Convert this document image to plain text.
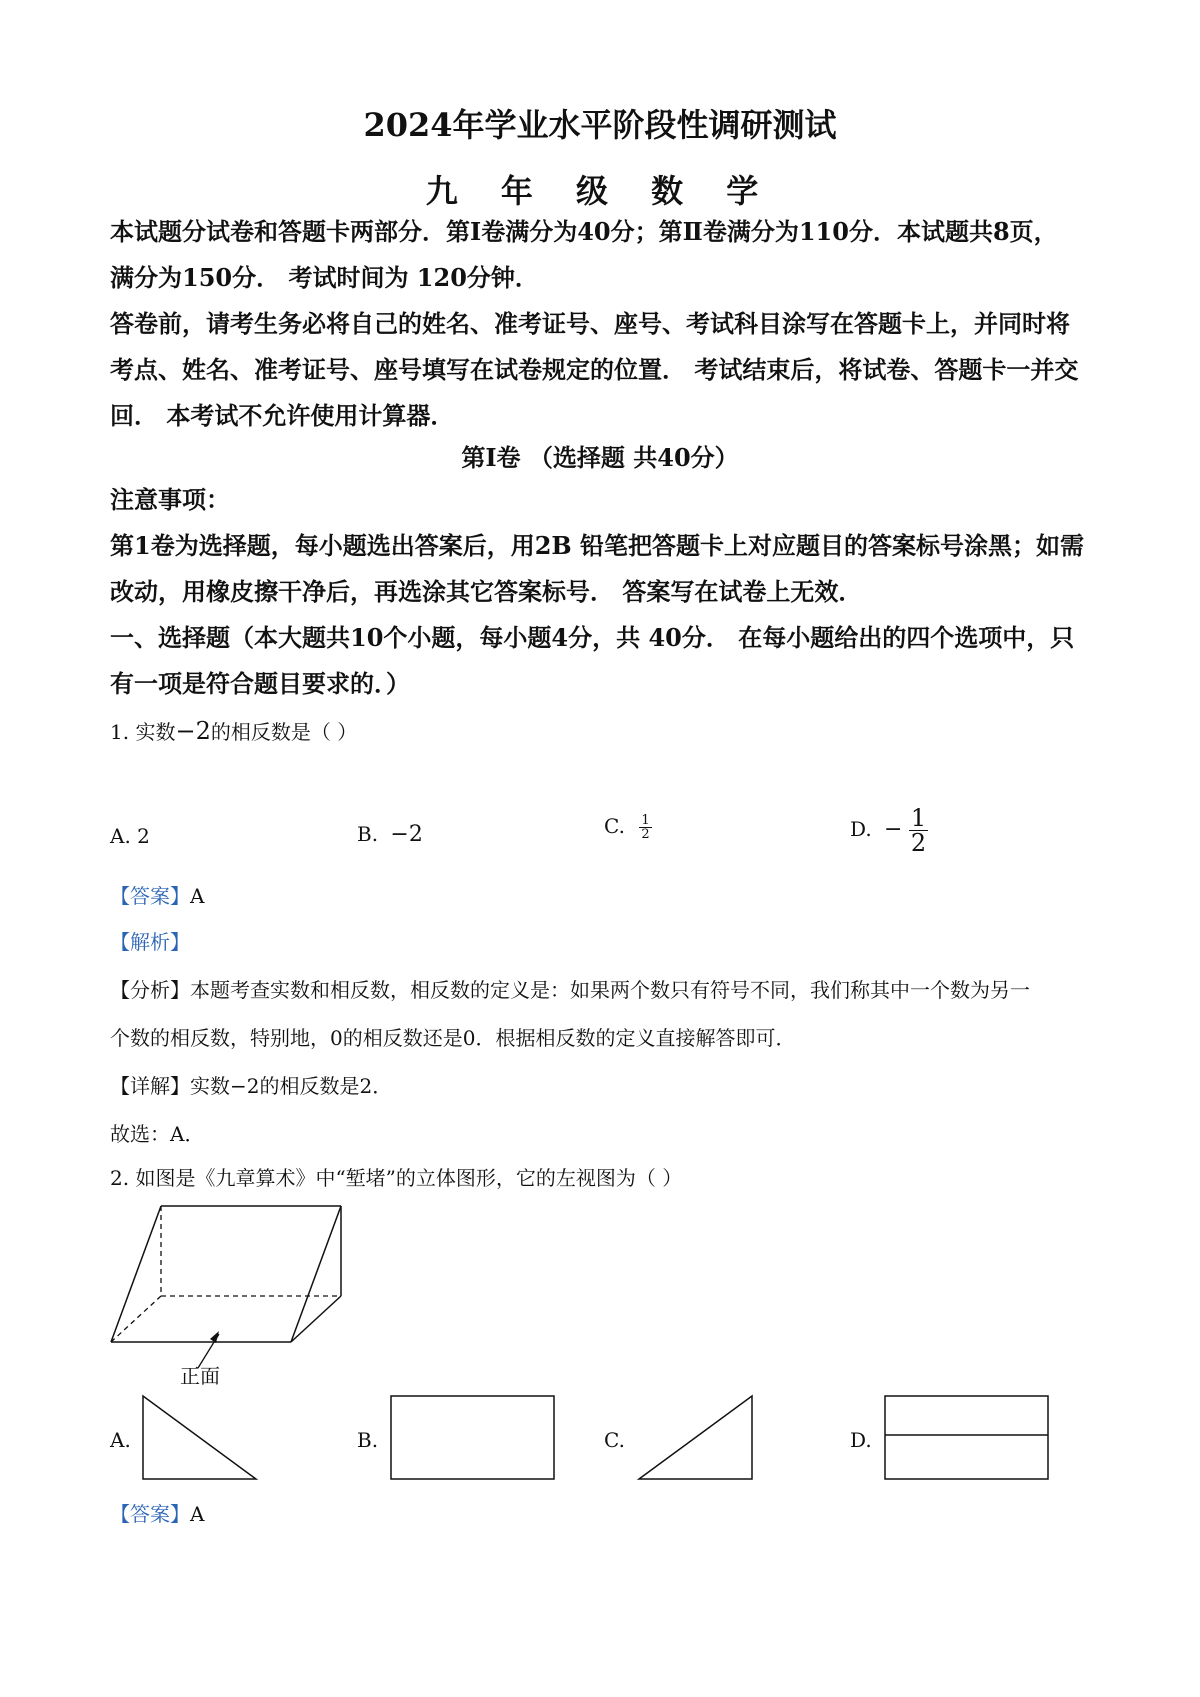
2024年学业水平阶段性调研测试
九 年 级 数 学
本试题分试卷和答题卡两部分．第Ⅰ卷满分为40分；第Ⅱ卷满分为110分．本试题共8页，
满分为150分． 考试时间为 120分钟．
答卷前，请考生务必将自己的姓名、准考证号、座号、考试科目涂写在答题卡上，并同时将
考点、姓名、准考证号、座号填写在试卷规定的位置． 考试结束后，将试卷、答题卡一并交
回． 本考试不允许使用计算器．
第Ⅰ卷 （选择题 共40分）
注意事项：
第1卷为选择题，每小题选出答案后，用2B 铅笔把答题卡上对应题目的答案标号涂黑；如需
改动，用橡皮擦干净后，再选涂其它答案标号． 答案写在试卷上无效．
一、选择题（本大题共10个小题，每小题4分，共 40分． 在每小题给出的四个选项中，只
有一项是符合题目要求的．）
1. 实数−2的相反数是（ ）
A. 2	B. −2	C. $\frac{1}{2}$	D. − $\frac{1}{2}$
【答案】A
【解析】
【分析】本题考查实数和相反数，相反数的定义是：如果两个数只有符号不同，我们称其中一个数为另一
个数的相反数，特别地，0的相反数还是0．根据相反数的定义直接解答即可．
【详解】实数−2的相反数是2．
故选：A．
2. 如图是《九章算术》中“堑堵”的立体图形，它的左视图为（ ）
正面
A.	B.	C.	D.
【答案】A
